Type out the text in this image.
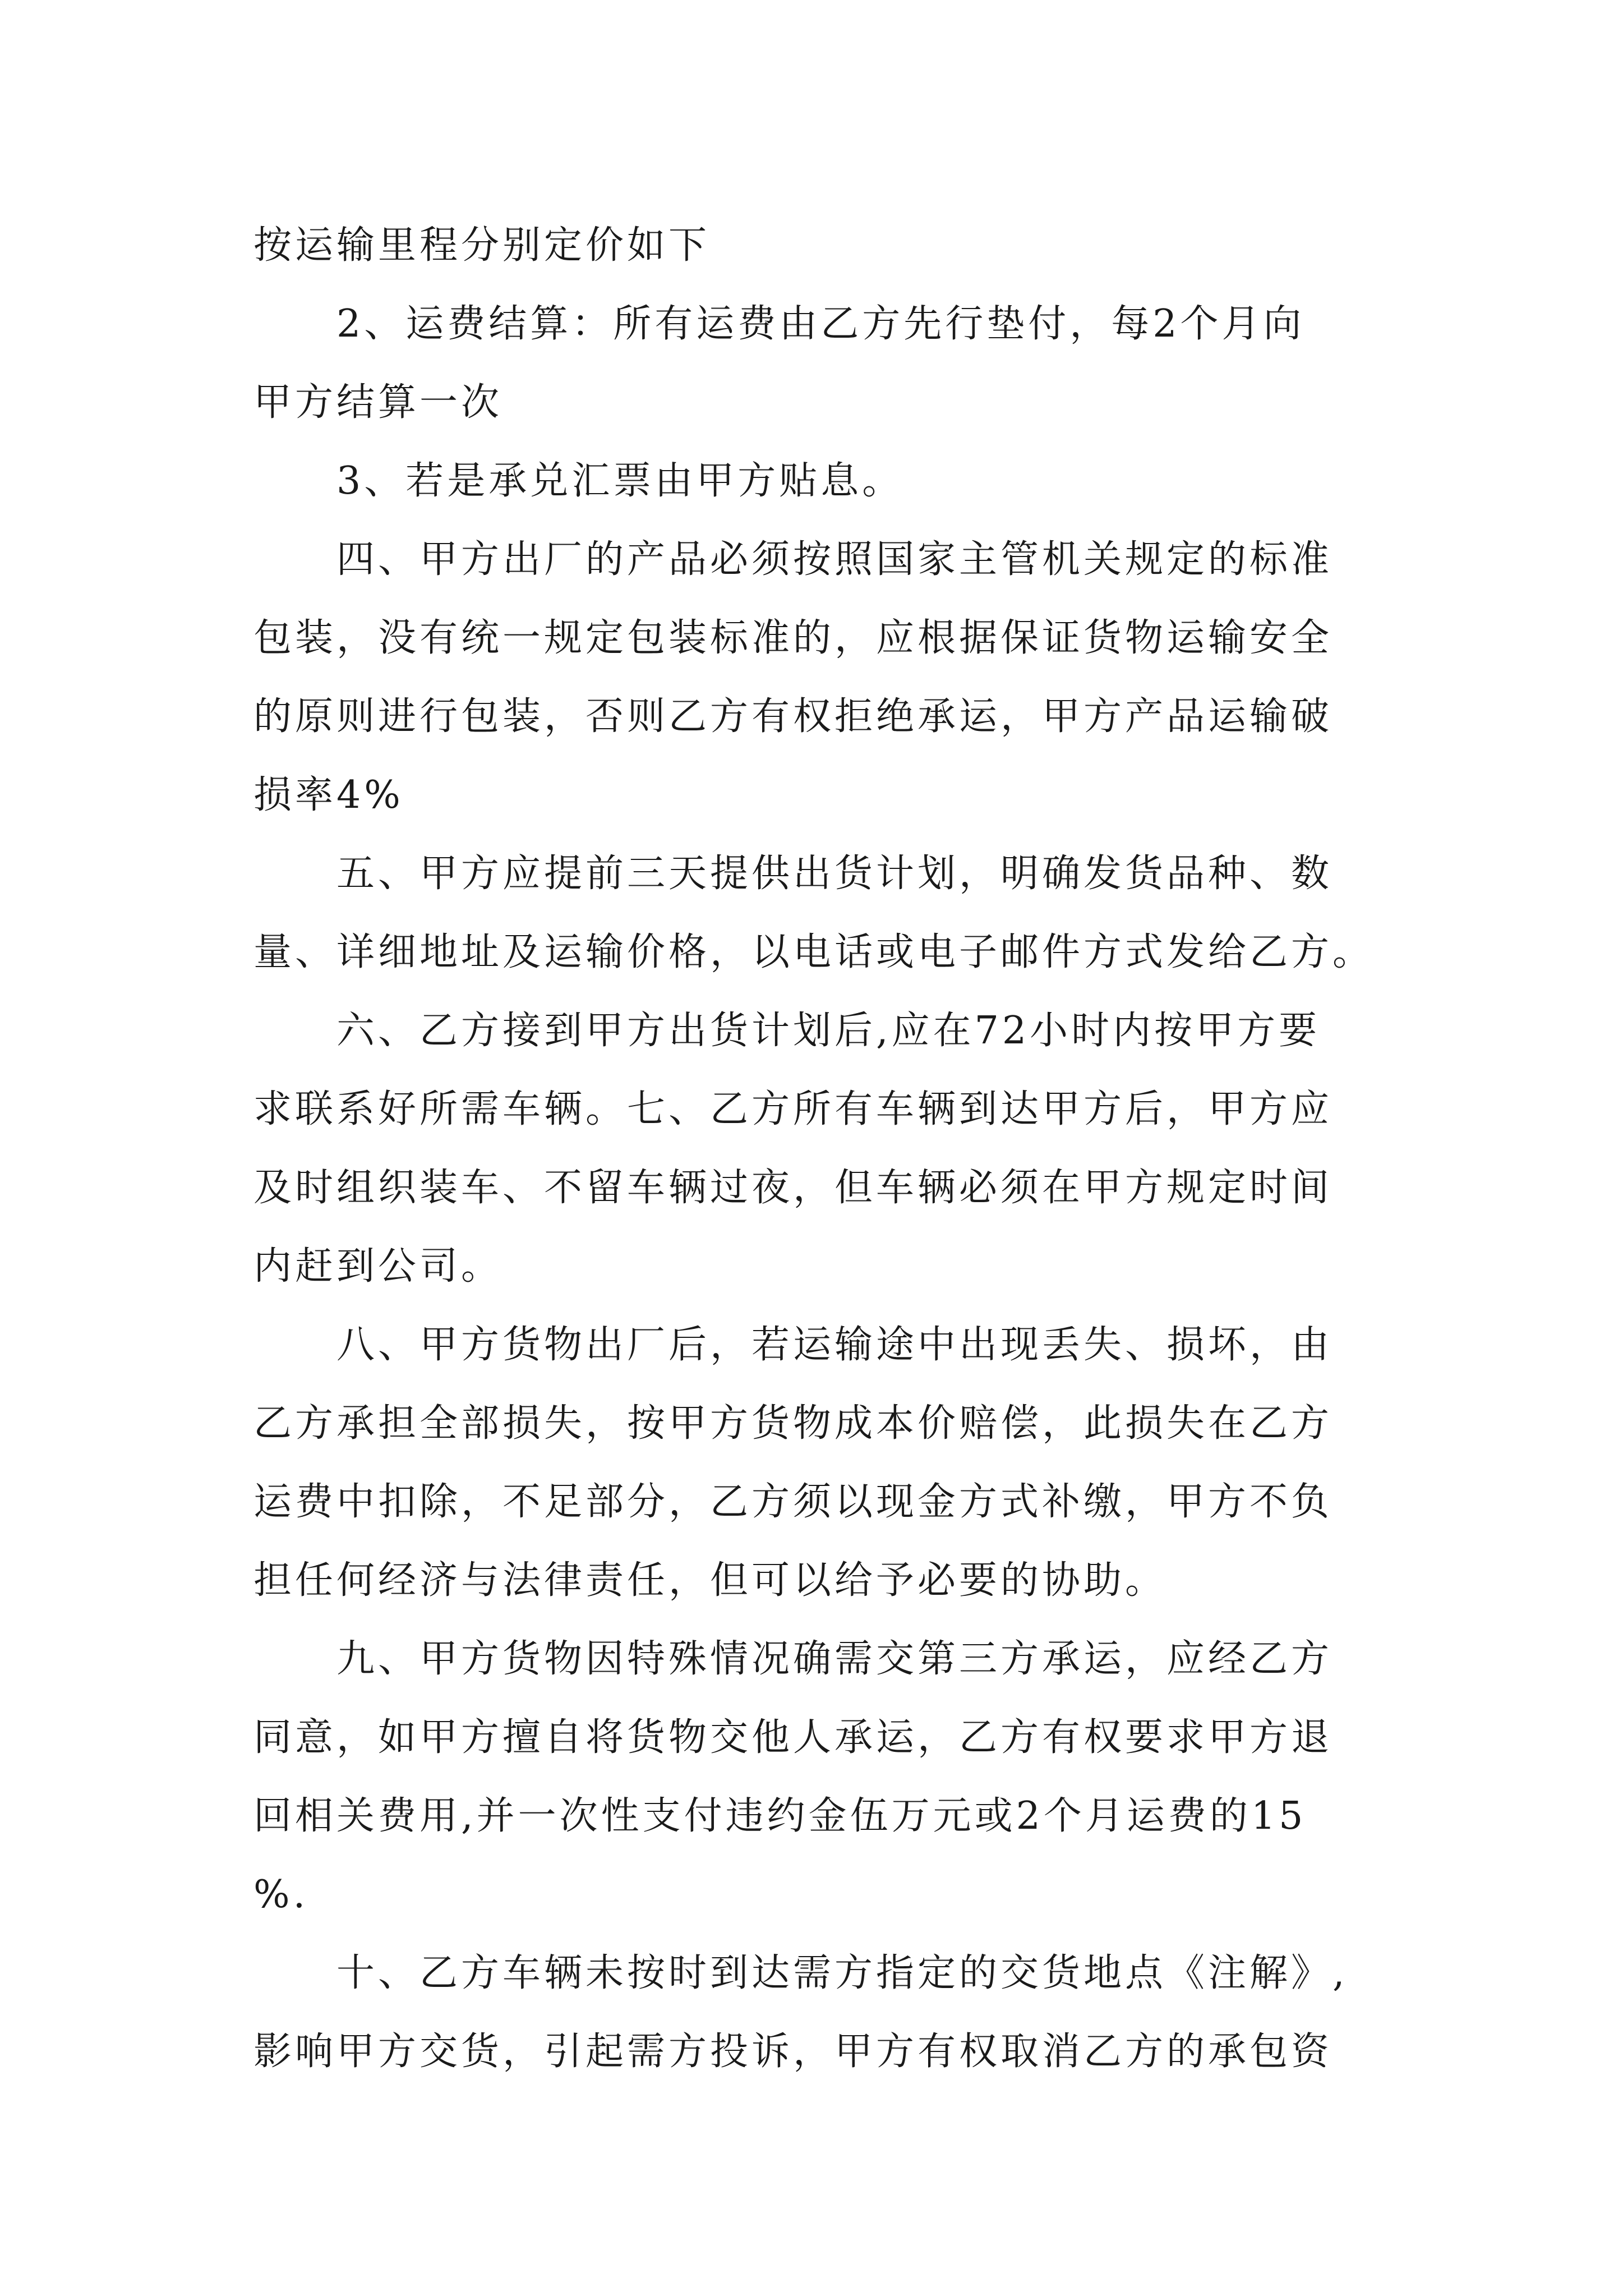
按运输里程分别定价如下
2、运费结算：所有运费由乙方先行垫付，每2个月向
甲方结算一次
3、若是承兑汇票由甲方贴息。
四、甲方出厂的产品必须按照国家主管机关规定的标准
包装，没有统一规定包装标准的，应根据保证货物运输安全
的原则进行包装，否则乙方有权拒绝承运，甲方产品运输破
损率4%
五、甲方应提前三天提供出货计划，明确发货品种、数
量、详细地址及运输价格，以电话或电子邮件方式发给乙方。
六、乙方接到甲方出货计划后,应在72小时内按甲方要
求联系好所需车辆。七、乙方所有车辆到达甲方后，甲方应
及时组织装车、不留车辆过夜，但车辆必须在甲方规定时间
内赶到公司。
八、甲方货物出厂后，若运输途中出现丢失、损坏，由
乙方承担全部损失，按甲方货物成本价赔偿，此损失在乙方
运费中扣除，不足部分，乙方须以现金方式补缴，甲方不负
担任何经济与法律责任，但可以给予必要的协助。
九、甲方货物因特殊情况确需交第三方承运，应经乙方
同意，如甲方擅自将货物交他人承运，乙方有权要求甲方退
回相关费用,并一次性支付违约金伍万元或2个月运费的15
%.
十、乙方车辆未按时到达需方指定的交货地点《注解》,
影响甲方交货，引起需方投诉，甲方有权取消乙方的承包资
